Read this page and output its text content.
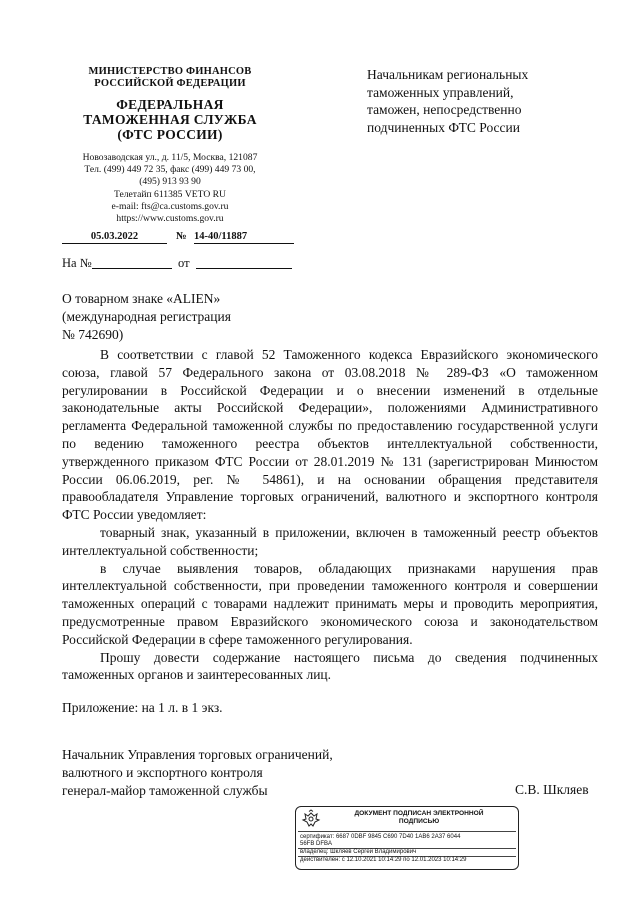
МИНИСТЕРСТВО ФИНАНСОВ
РОССИЙСКОЙ ФЕДЕРАЦИИ
ФЕДЕРАЛЬНАЯ
ТАМОЖЕННАЯ СЛУЖБА
(ФТС РОССИИ)
Новозаводская ул., д. 11/5, Москва, 121087
Тел. (499) 449 72 35, факс (499) 449 73 00,
(495) 913 93 90
Телетайп 611385 VETO RU
e-mail: fts@ca.customs.gov.ru
https://www.customs.gov.ru
05.03.2022	№ 14-40/11887
На №	от
Начальникам региональных
таможенных управлений,
таможен, непосредственно
подчиненных ФТС России
О товарном знаке «ALIEN»
(международная регистрация
№ 742690)

В соответствии с главой 52 Таможенного кодекса Евразийского экономического союза, главой 57 Федерального закона от 03.08.2018 № 289-ФЗ «О таможенном регулировании в Российской Федерации и о внесении изменений в отдельные законодательные акты Российской Федерации», положениями Административного регламента Федеральной таможенной службы по предоставлению государственной услуги по ведению таможенного реестра объектов интеллектуальной собственности, утвержденного приказом ФТС России от 28.01.2019 № 131 (зарегистрирован Минюстом России 06.06.2019, рег. № 54861), и на основании обращения представителя правообладателя Управление торговых ограничений, валютного и экспортного контроля ФТС России уведомляет:

товарный знак, указанный в приложении, включен в таможенный реестр объектов интеллектуальной собственности;

в случае выявления товаров, обладающих признаками нарушения прав интеллектуальной собственности, при проведении таможенного контроля и совершении таможенных операций с товарами надлежит принимать меры и проводить мероприятия, предусмотренные правом Евразийского экономического союза и законодательством Российской Федерации в сфере таможенного регулирования.

Прошу довести содержание настоящего письма до сведения подчиненных таможенных органов и заинтересованных лиц.

Приложение: на 1 л. в 1 экз.
Начальник Управления торговых ограничений,
валютного и экспортного контроля
генерал-майор таможенной службы	С.В. Шкляев
ДОКУМЕНТ ПОДПИСАН ЭЛЕКТРОННОЙ
ПОДПИСЬЮ
сертификат: 6687 0DBF 9845 C690 7D40 1AB6 2A37 6044
56FB DFBA
владелец: Шкляев Сергей Владимирович
действителен: с 12.10.2021 10:14:29 по 12.01.2023 10:14:29
